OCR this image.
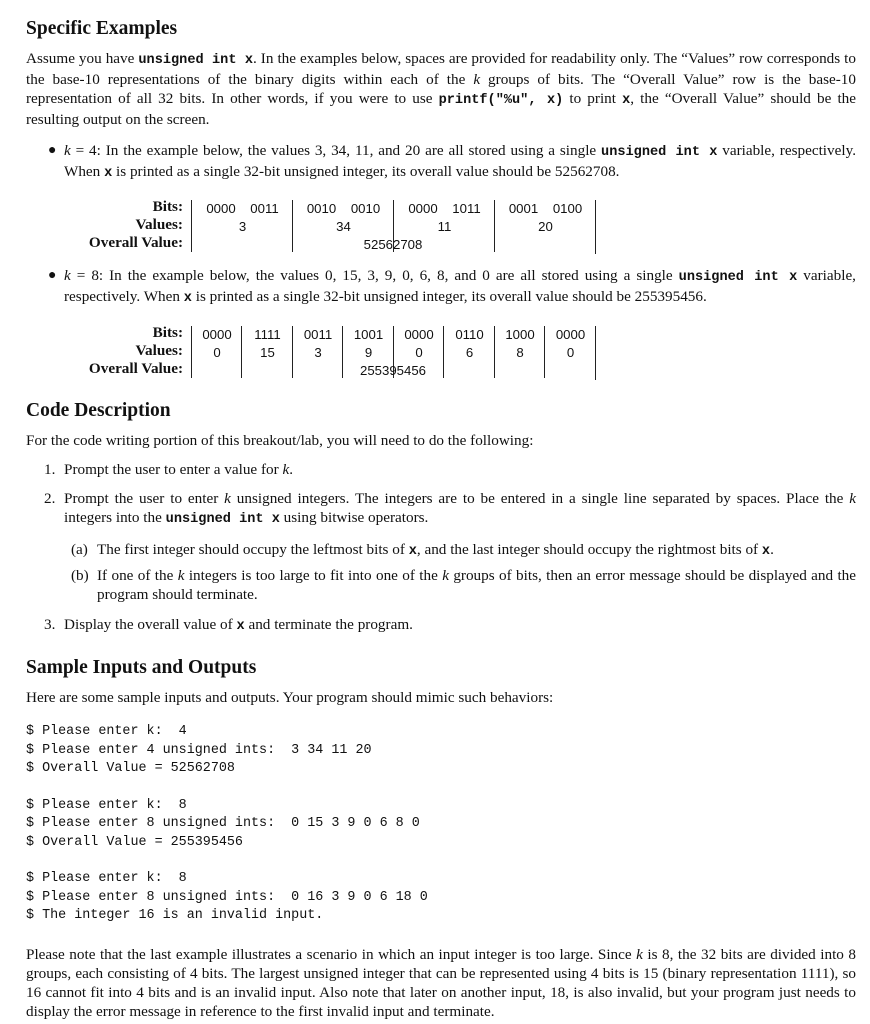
Specific Examples

Assume you have unsigned int x. In the examples below, spaces are provided for readability only. The “Values” row corresponds to the base-10 representations of the binary digits within each of the k groups of bits. The “Overall Value” row is the base-10 representation of all 32 bits. In other words, if you were to use printf("%u", x) to print x, the “Overall Value” should be the resulting output on the screen.

● k = 4: In the example below, the values 3, 34, 11, and 20 are all stored using a single unsigned int x variable, respectively. When x is printed as a single 32-bit unsigned integer, its overall value should be 52562708.
Bits:
Values:
Overall Value:
0000    0011
3
0010    0010
34
0000    1011
11
0001    0100
20
52562708
● k = 8: In the example below, the values 0, 15, 3, 9, 0, 6, 8, and 0 are all stored using a single unsigned int x variable, respectively. When x is printed as a single 32-bit unsigned integer, its overall value should be 255395456.
Bits:
Values:
Overall Value:
0000
0
1111
15
0011
3
1001
9
0000
0
0110
6
1000
8
0000
0
255395456
Code Description

For the code writing portion of this breakout/lab, you will need to do the following:

1. Prompt the user to enter a value for k.
2. Prompt the user to enter k unsigned integers. The integers are to be entered in a single line separated by spaces. Place the k integers into the unsigned int x using bitwise operators.
(a) The first integer should occupy the leftmost bits of x, and the last integer should occupy the rightmost bits of x.
(b) If one of the k integers is too large to fit into one of the k groups of bits, then an error message should be displayed and the program should terminate.
3. Display the overall value of x and terminate the program.
Sample Inputs and Outputs

Here are some sample inputs and outputs. Your program should mimic such behaviors:

$ Please enter k:  4
$ Please enter 4 unsigned ints:  3 34 11 20
$ Overall Value = 52562708
$ Please enter k:  8
$ Please enter 8 unsigned ints:  0 15 3 9 0 6 8 0
$ Overall Value = 255395456
$ Please enter k:  8
$ Please enter 8 unsigned ints:  0 16 3 9 0 6 18 0
$ The integer 16 is an invalid input.

Please note that the last example illustrates a scenario in which an input integer is too large. Since k is 8, the 32 bits are divided into 8 groups, each consisting of 4 bits. The largest unsigned integer that can be represented using 4 bits is 15 (binary representation 1111), so 16 cannot fit into 4 bits and is an invalid input. Also note that later on another input, 18, is also invalid, but your program just needs to display the error message in reference to the first invalid input and terminate.
